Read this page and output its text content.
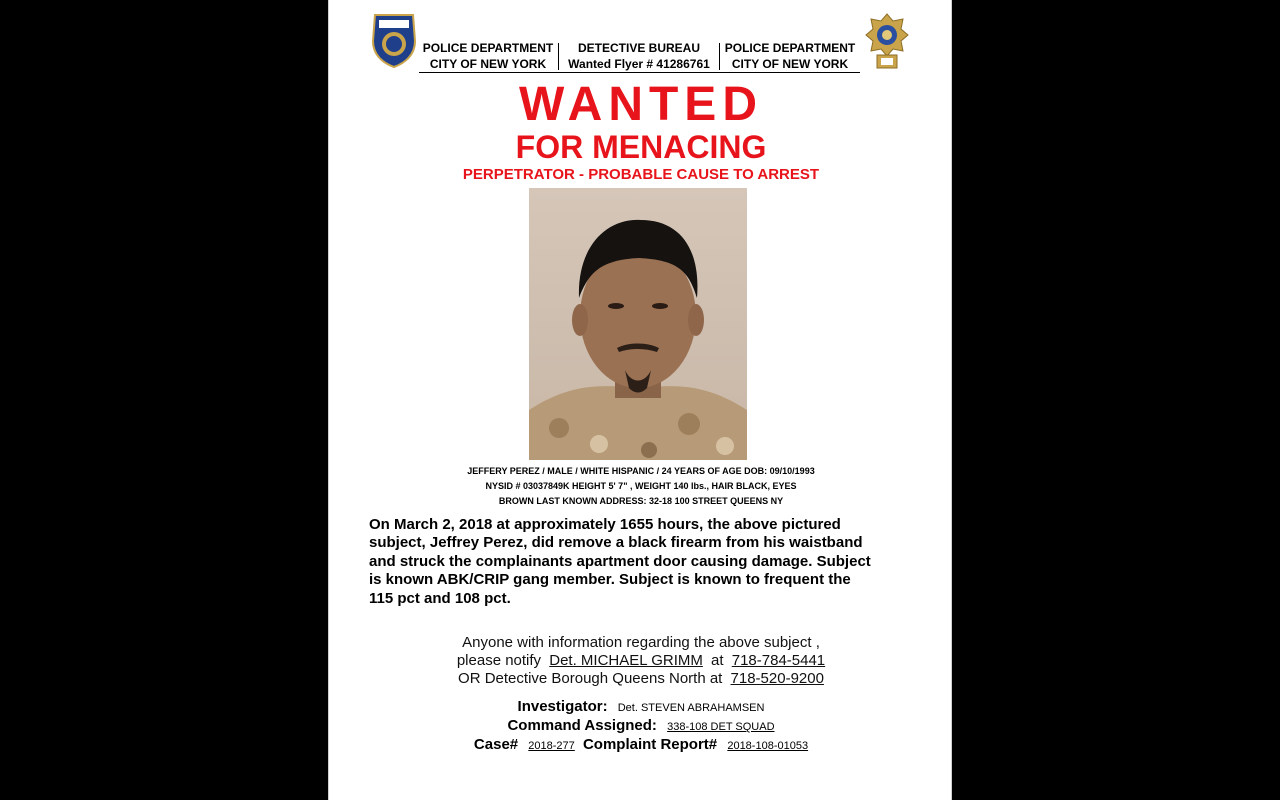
POLICE DEPARTMENT
CITY OF NEW YORK
DETECTIVE BUREAU
Wanted Flyer # 41286761
POLICE DEPARTMENT
CITY OF NEW YORK
WANTED
FOR MENACING
PERPETRATOR - PROBABLE CAUSE TO ARREST
JEFFERY PEREZ / MALE / WHITE HISPANIC / 24 YEARS OF AGE DOB: 09/10/1993
NYSID # 03037849K HEIGHT 5' 7" , WEIGHT 140 lbs., HAIR BLACK, EYES
BROWN LAST KNOWN ADDRESS: 32-18 100 STREET QUEENS NY
On March 2, 2018 at approximately 1655 hours, the above pictured
subject, Jeffrey Perez, did remove a black firearm from his waistband
and struck the complainants apartment door causing damage. Subject
is known ABK/CRIP gang member. Subject is known to frequent the
115 pct and 108 pct.
Anyone with information regarding the above subject ,
please notify Det. MICHAEL GRIMM at 718-784-5441
OR Detective Borough Queens North at 718-520-9200
Investigator: Det. STEVEN ABRAHAMSEN
Command Assigned: 338-108 DET SQUAD
Case# 2018-277 Complaint Report# 2018-108-01053
